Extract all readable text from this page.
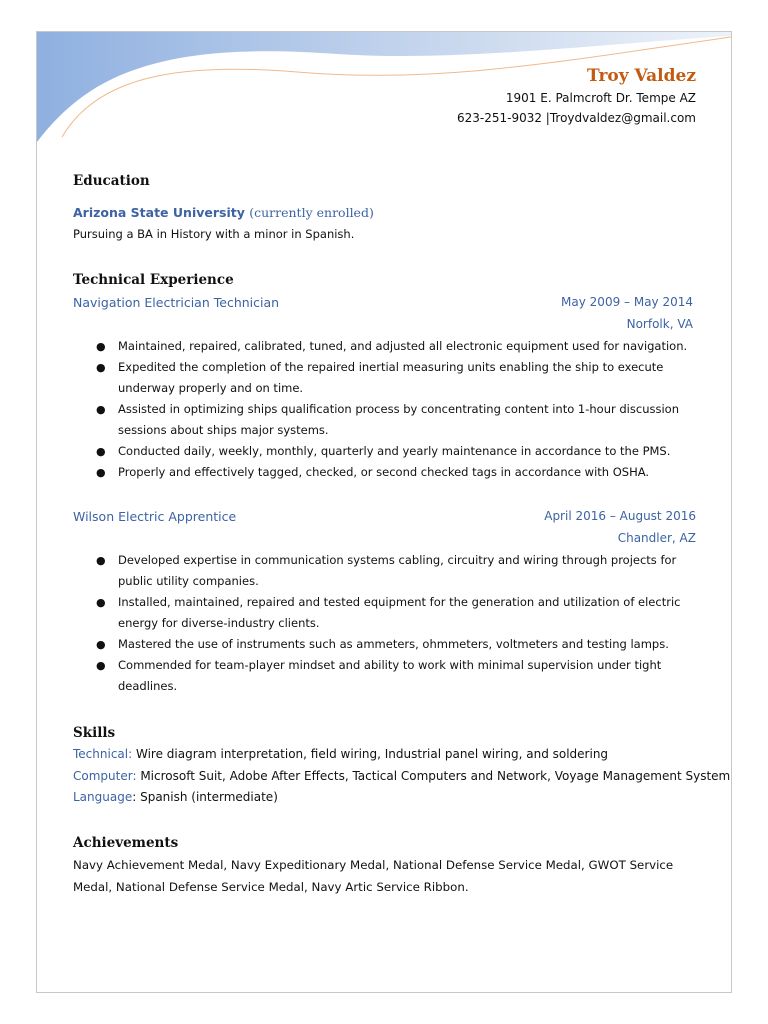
Troy Valdez
1901 E. Palmcroft Dr. Tempe AZ
623-251-9032 |Troydvaldez@gmail.com
Education
Arizona State University (currently enrolled)
Pursuing a BA in History with a minor in Spanish.
Technical Experience
Navigation Electrician Technician	May 2009 – May 2014
Norfolk, VA
● Maintained, repaired, calibrated, tuned, and adjusted all electronic equipment used for navigation.
● Expedited the completion of the repaired inertial measuring units enabling the ship to execute underway properly and on time.
● Assisted in optimizing ships qualification process by concentrating content into 1-hour discussion sessions about ships major systems.
● Conducted daily, weekly, monthly, quarterly and yearly maintenance in accordance to the PMS.
● Properly and effectively tagged, checked, or second checked tags in accordance with OSHA.
Wilson Electric Apprentice	April 2016 – August 2016
Chandler, AZ
● Developed expertise in communication systems cabling, circuitry and wiring through projects for public utility companies.
● Installed, maintained, repaired and tested equipment for the generation and utilization of electric energy for diverse-industry clients.
● Mastered the use of instruments such as ammeters, ohmmeters, voltmeters and testing lamps.
● Commended for team-player mindset and ability to work with minimal supervision under tight deadlines.
Skills
Technical: Wire diagram interpretation, field wiring, Industrial panel wiring, and soldering
Computer: Microsoft Suit, Adobe After Effects, Tactical Computers and Network, Voyage Management System
Language: Spanish (intermediate)
Achievements
Navy Achievement Medal, Navy Expeditionary Medal, National Defense Service Medal, GWOT Service Medal, National Defense Service Medal, Navy Artic Service Ribbon.
